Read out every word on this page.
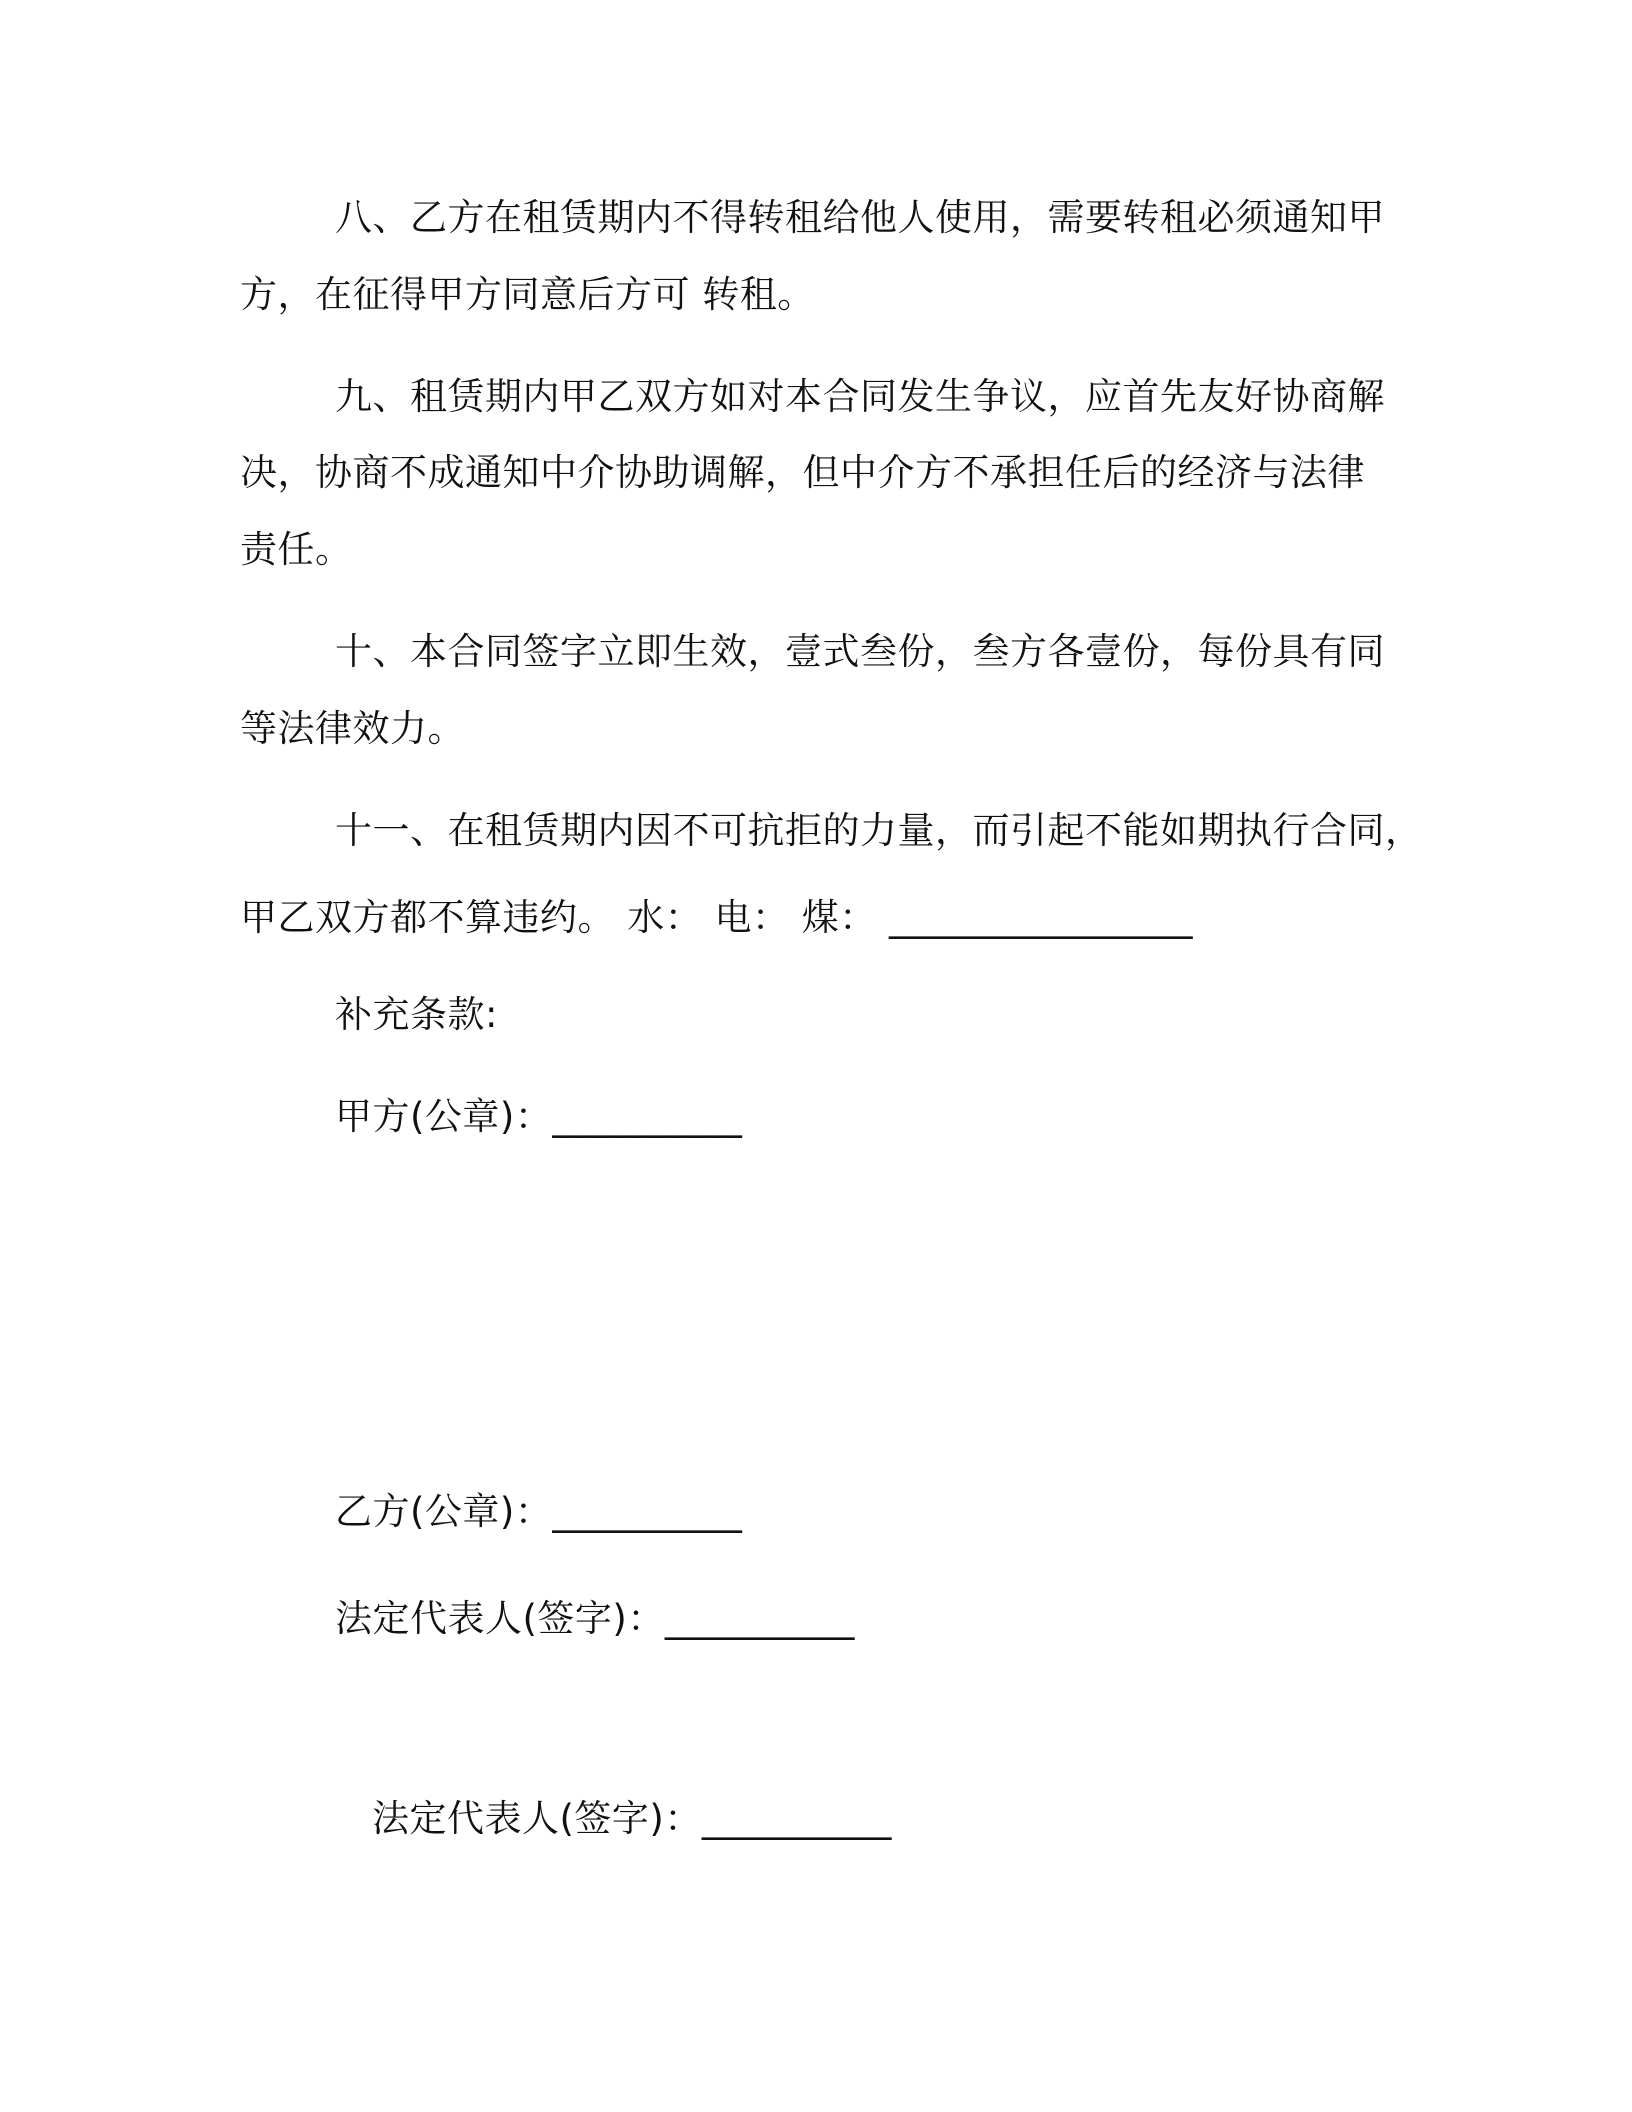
八、乙方在租赁期内不得转租给他人使用，需要转租必须通知甲
方，在征得甲方同意后方可 转租。
九、租赁期内甲乙双方如对本合同发生争议，应首先友好协商解
决，协商不成通知中介协助调解，但中介方不承担任后的经济与法律
责任。
十、本合同签字立即生效，壹式叁份，叁方各壹份，每份具有同
等法律效力。
十一、在租赁期内因不可抗拒的力量，而引起不能如期执行合同，
甲乙双方都不算违约。 水： 电： 煤： ________________
补充条款:
甲方(公章)：__________
乙方(公章)：__________
法定代表人(签字)：__________
法定代表人(签字)：__________
